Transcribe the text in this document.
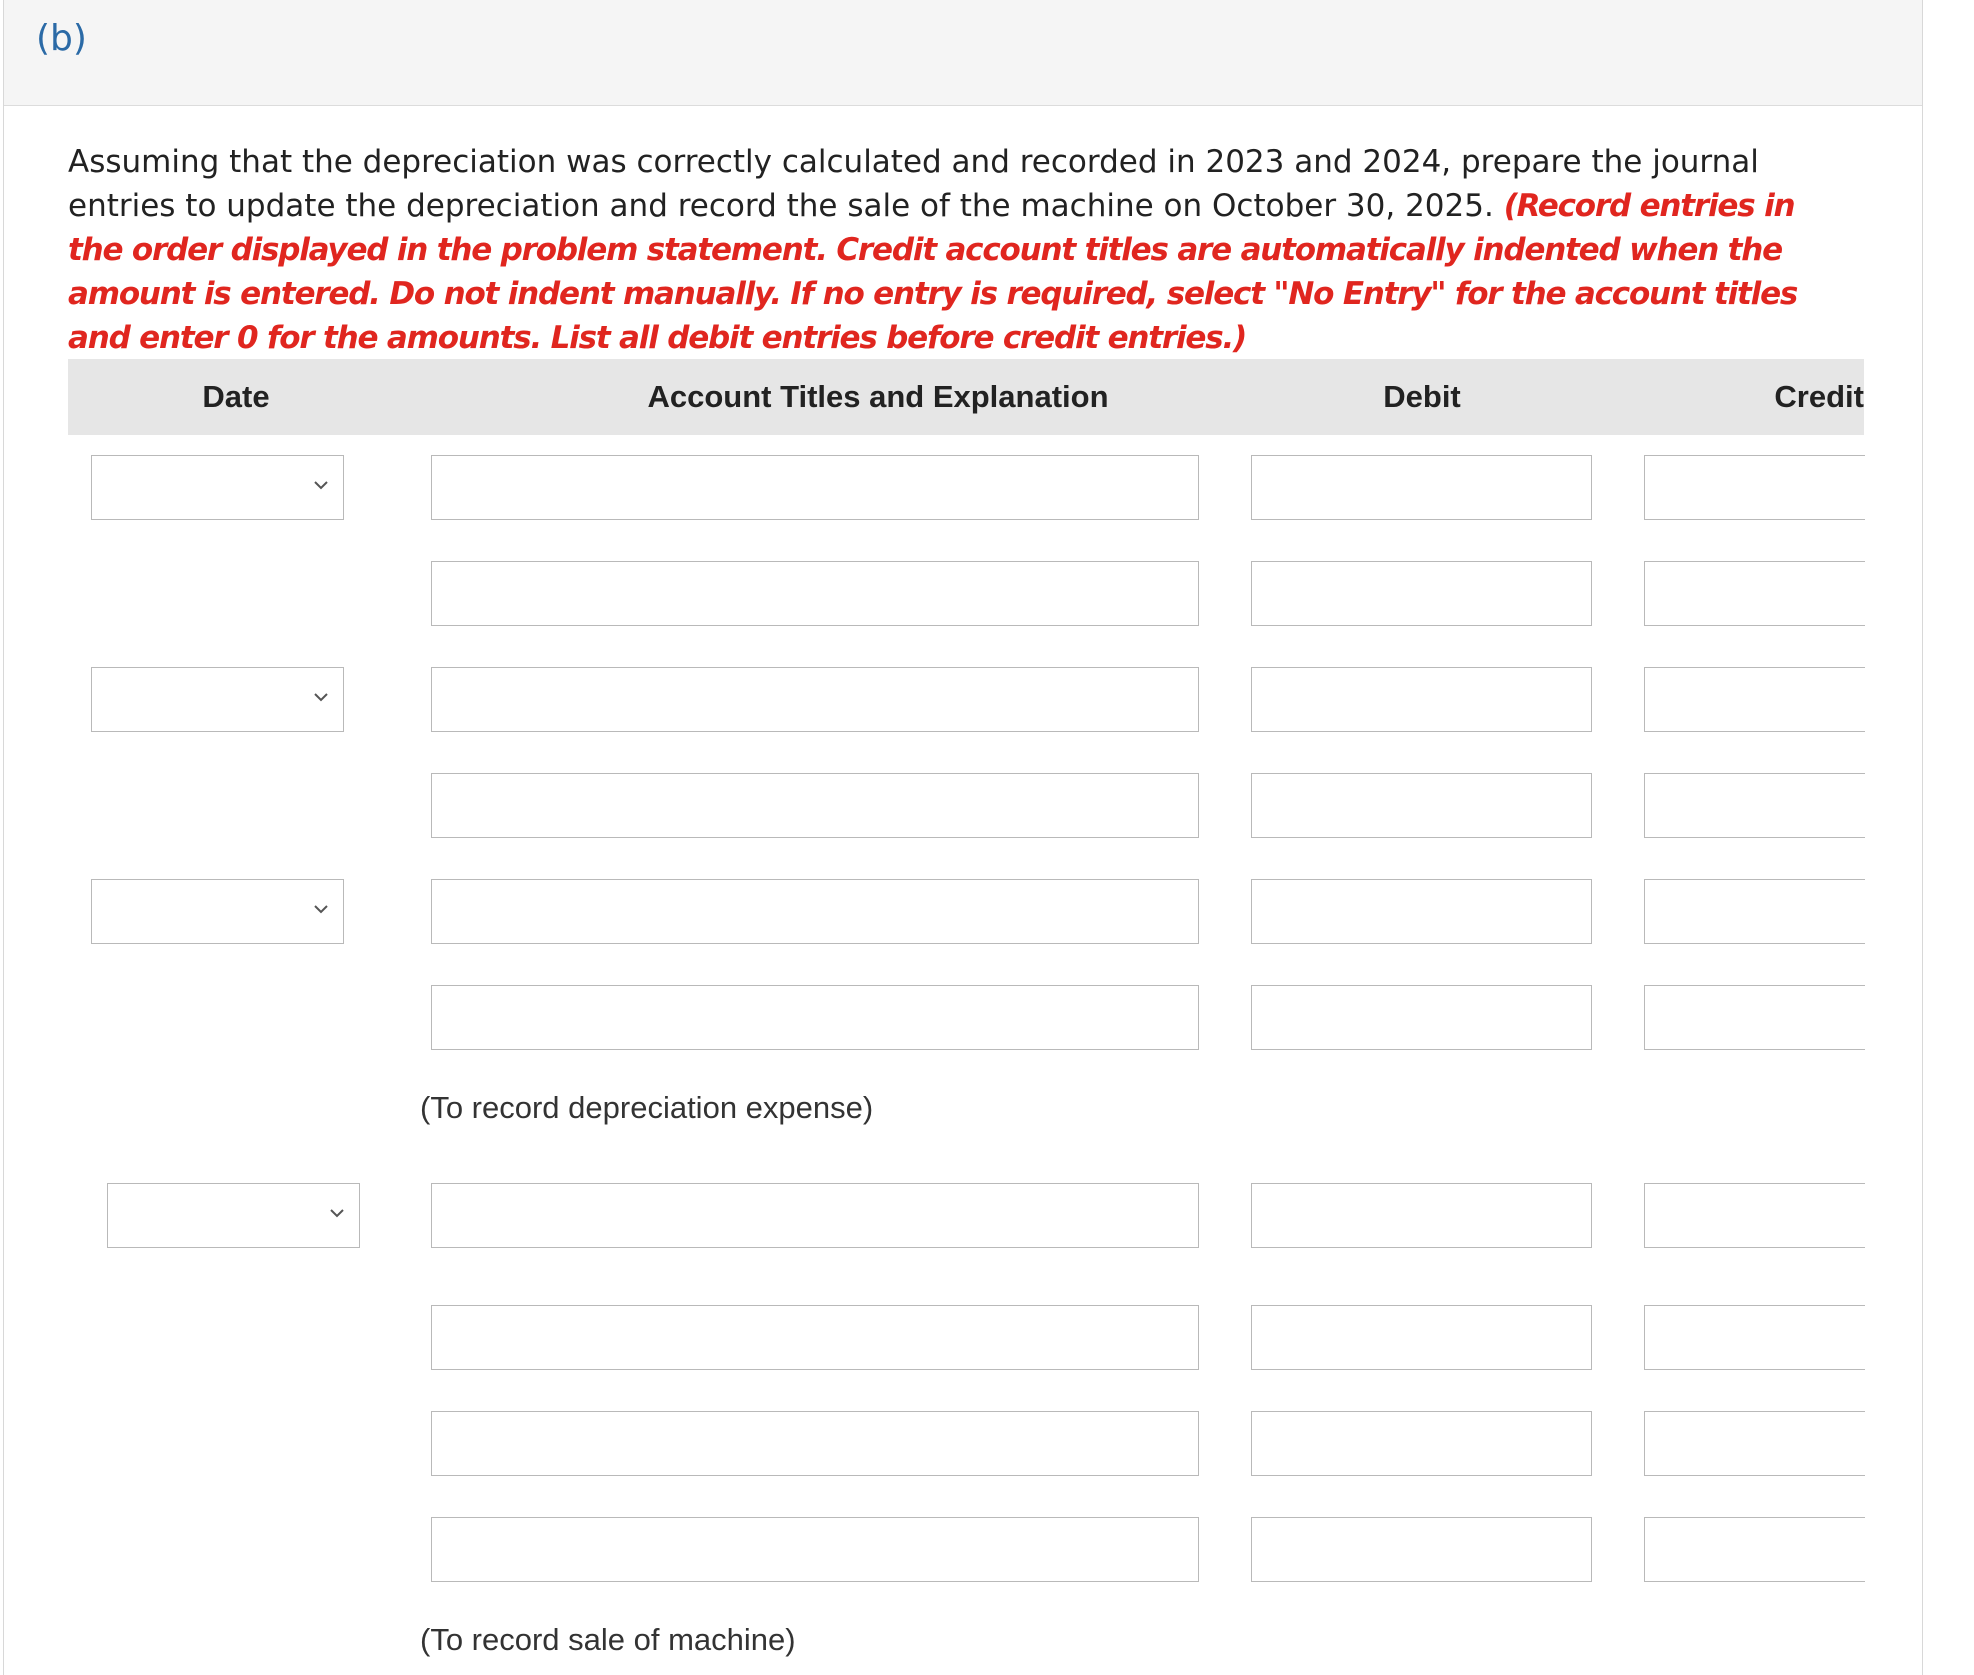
(b)
Assuming that the depreciation was correctly calculated and recorded in 2023 and 2024, prepare the journal entries to update the depreciation and record the sale of the machine on October 30, 2025. (Record entries in the order displayed in the problem statement. Credit account titles are automatically indented when the amount is entered. Do not indent manually. If no entry is required, select "No Entry" for the account titles and enter 0 for the amounts. List all debit entries before credit entries.)
Date	Account Titles and Explanation	Debit	Credit
(To record depreciation expense)
(To record sale of machine)
